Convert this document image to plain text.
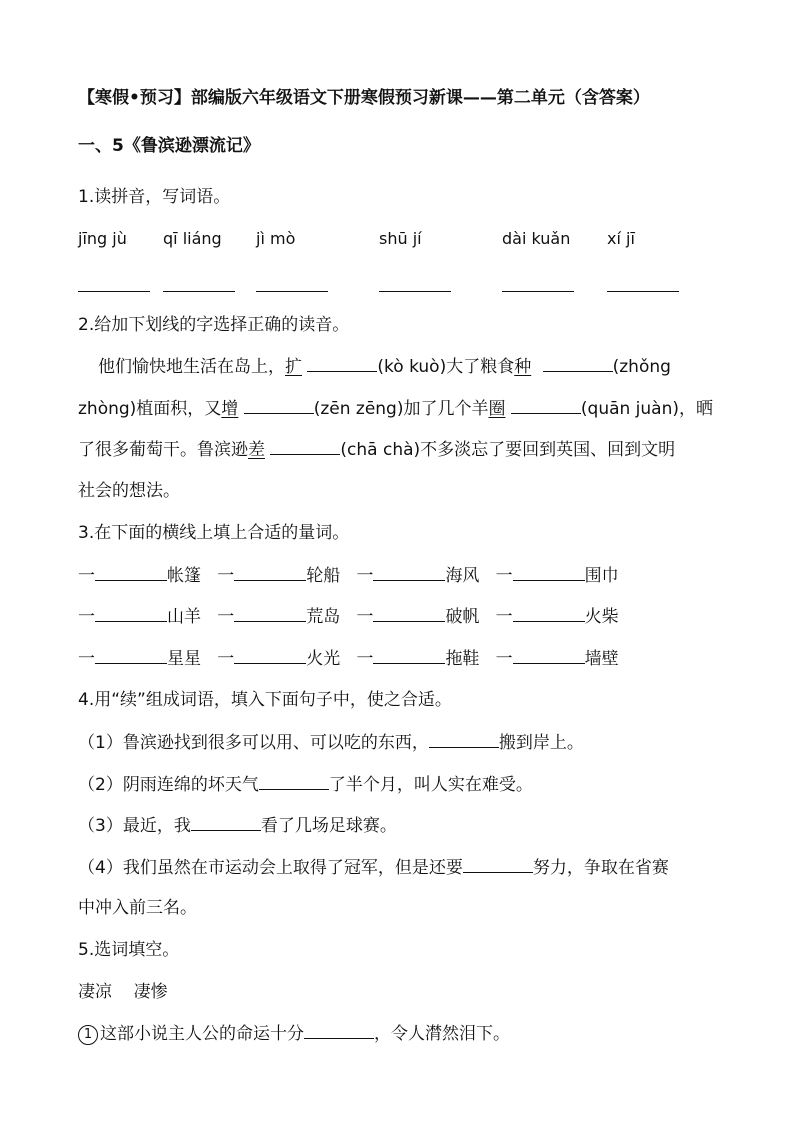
【寒假•预习】部编版六年级语文下册寒假预习新课——第二单元（含答案）
一、5《鲁滨逊漂流记》
1.读拼音，写词语。
jīng jù qī liáng jì mò	shū jí	dài kuǎn xí jī
2.给加下划线的字选择正确的读音。
他们愉快地生活在岛上，扩	(kò kuò)大了粮食种	(zhǒng
zhòng)植面积，又增	(zēn zēng)加了几个羊圈	(quān juàn)，晒
了很多葡萄干。鲁滨逊差	(chā chà)不多淡忘了要回到英国、回到文明
社会的想法。
3.在下面的横线上填上合适的量词。
一	帐篷 一	轮船 一	海风 一	围巾
一	山羊 一	荒岛 一	破帆 一	火柴
一	星星 一	火光 一	拖鞋 一	墙壁
4.用“续”组成词语，填入下面句子中，使之合适。
（1）鲁滨逊找到很多可以用、可以吃的东西，	搬到岸上。
（2）阴雨连绵的坏天气	了半个月，叫人实在难受。
（3）最近，我	看了几场足球赛。
（4）我们虽然在市运动会上取得了冠军，但是还要	努力，争取在省赛
中冲入前三名。
5.选词填空。
凄凉 凄惨
1 这部小说主人公的命运十分	，令人潸然泪下。
